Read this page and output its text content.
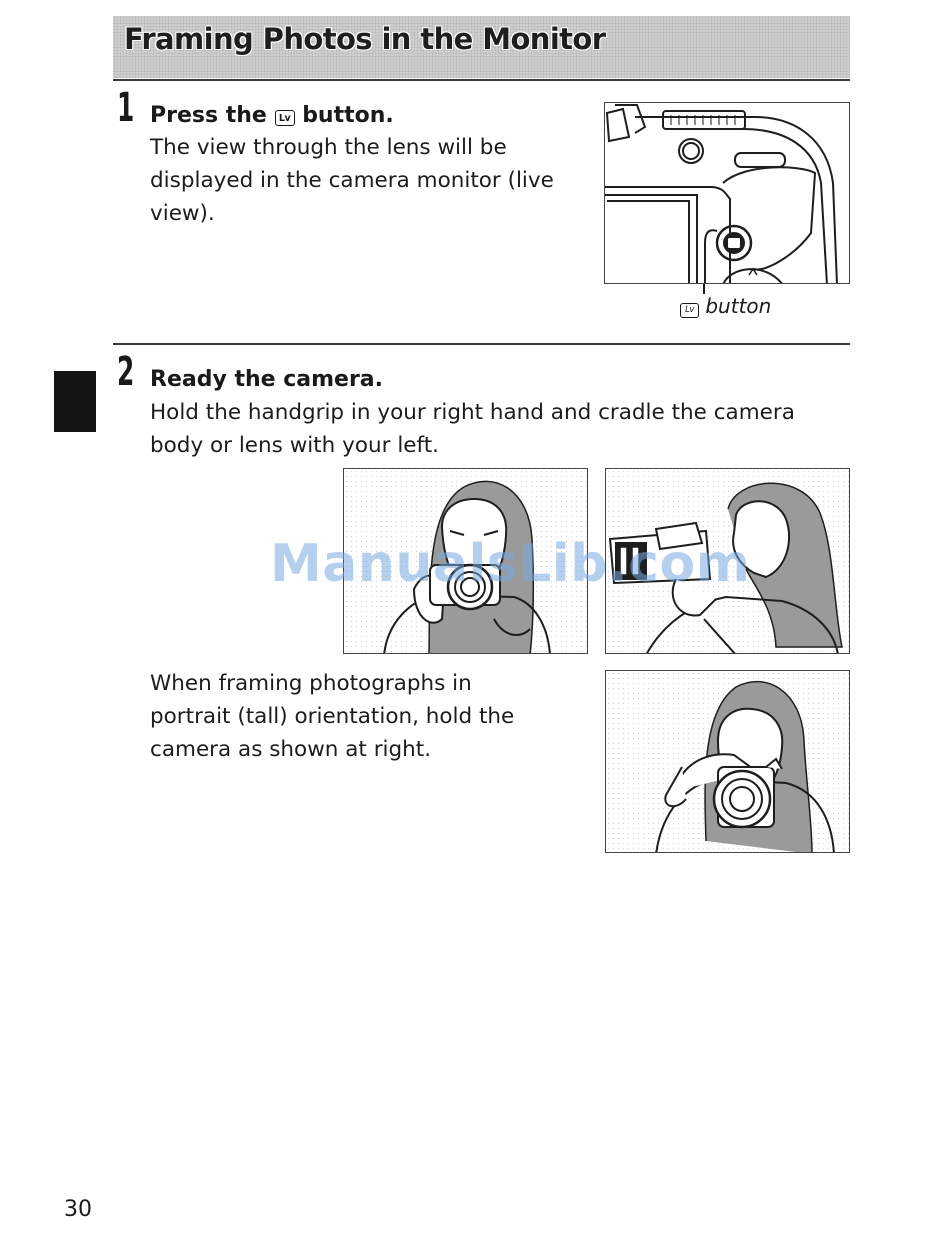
Framing Photos in the Monitor
1 Press the Lv button.
The view through the lens will be
displayed in the camera monitor (live
view).
Lv button
2 Ready the camera.
Hold the handgrip in your right hand and cradle the camera
body or lens with your left.
When framing photographs in
portrait (tall) orientation, hold the
camera as shown at right.
ManualsLib.com
30
